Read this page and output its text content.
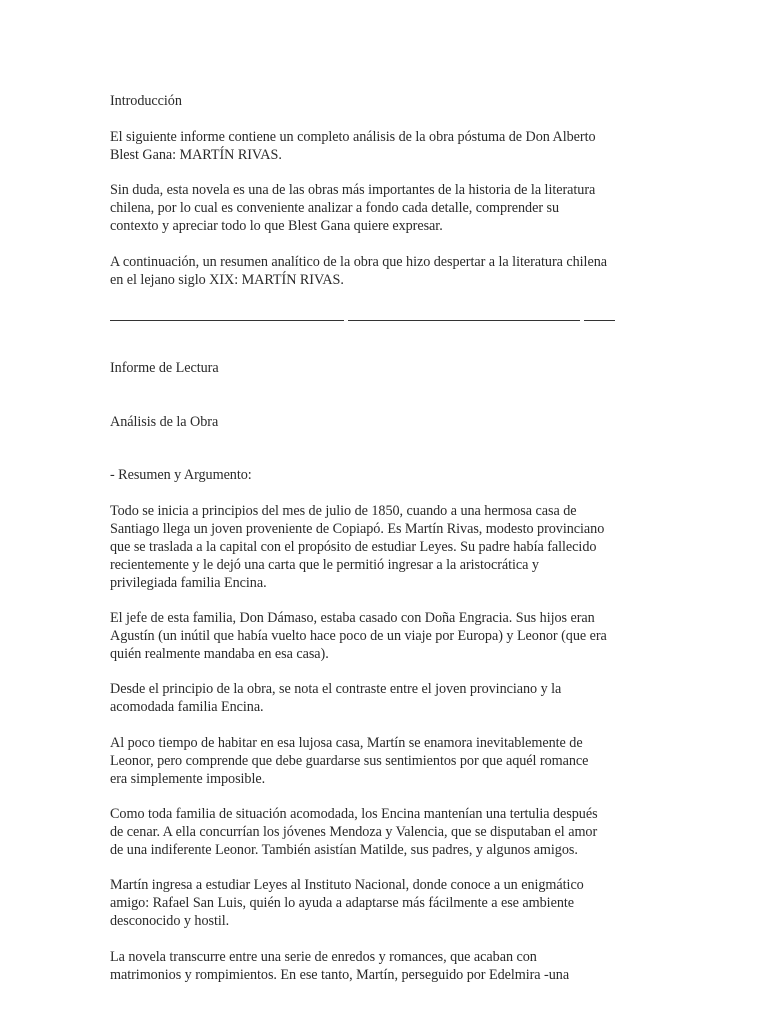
Introducción
El siguiente informe contiene un completo análisis de la obra póstuma de Don Alberto
Blest Gana: MARTÍN RIVAS.
Sin duda, esta novela es una de las obras más importantes de la historia de la literatura
chilena, por lo cual es conveniente analizar a fondo cada detalle, comprender su
contexto y apreciar todo lo que Blest Gana quiere expresar.
A continuación, un resumen analítico de la obra que hizo despertar a la literatura chilena
en el lejano siglo XIX: MARTÍN RIVAS.
Informe de Lectura
Análisis de la Obra
- Resumen y Argumento:
Todo se inicia a principios del mes de julio de 1850, cuando a una hermosa casa de
Santiago llega un joven proveniente de Copiapó. Es Martín Rivas, modesto provinciano
que se traslada a la capital con el propósito de estudiar Leyes. Su padre había fallecido
recientemente y le dejó una carta que le permitió ingresar a la aristocrática y
privilegiada familia Encina.
El jefe de esta familia, Don Dámaso, estaba casado con Doña Engracia. Sus hijos eran
Agustín (un inútil que había vuelto hace poco de un viaje por Europa) y Leonor (que era
quién realmente mandaba en esa casa).
Desde el principio de la obra, se nota el contraste entre el joven provinciano y la
acomodada familia Encina.
Al poco tiempo de habitar en esa lujosa casa, Martín se enamora inevitablemente de
Leonor, pero comprende que debe guardarse sus sentimientos por que aquél romance
era simplemente imposible.
Como toda familia de situación acomodada, los Encina mantenían una tertulia después
de cenar. A ella concurrían los jóvenes Mendoza y Valencia, que se disputaban el amor
de una indiferente Leonor. También asistían Matilde, sus padres, y algunos amigos.
Martín ingresa a estudiar Leyes al Instituto Nacional, donde conoce a un enigmático
amigo: Rafael San Luis, quién lo ayuda a adaptarse más fácilmente a ese ambiente
desconocido y hostil.
La novela transcurre entre una serie de enredos y romances, que acaban con
matrimonios y rompimientos. En ese tanto, Martín, perseguido por Edelmira -una
